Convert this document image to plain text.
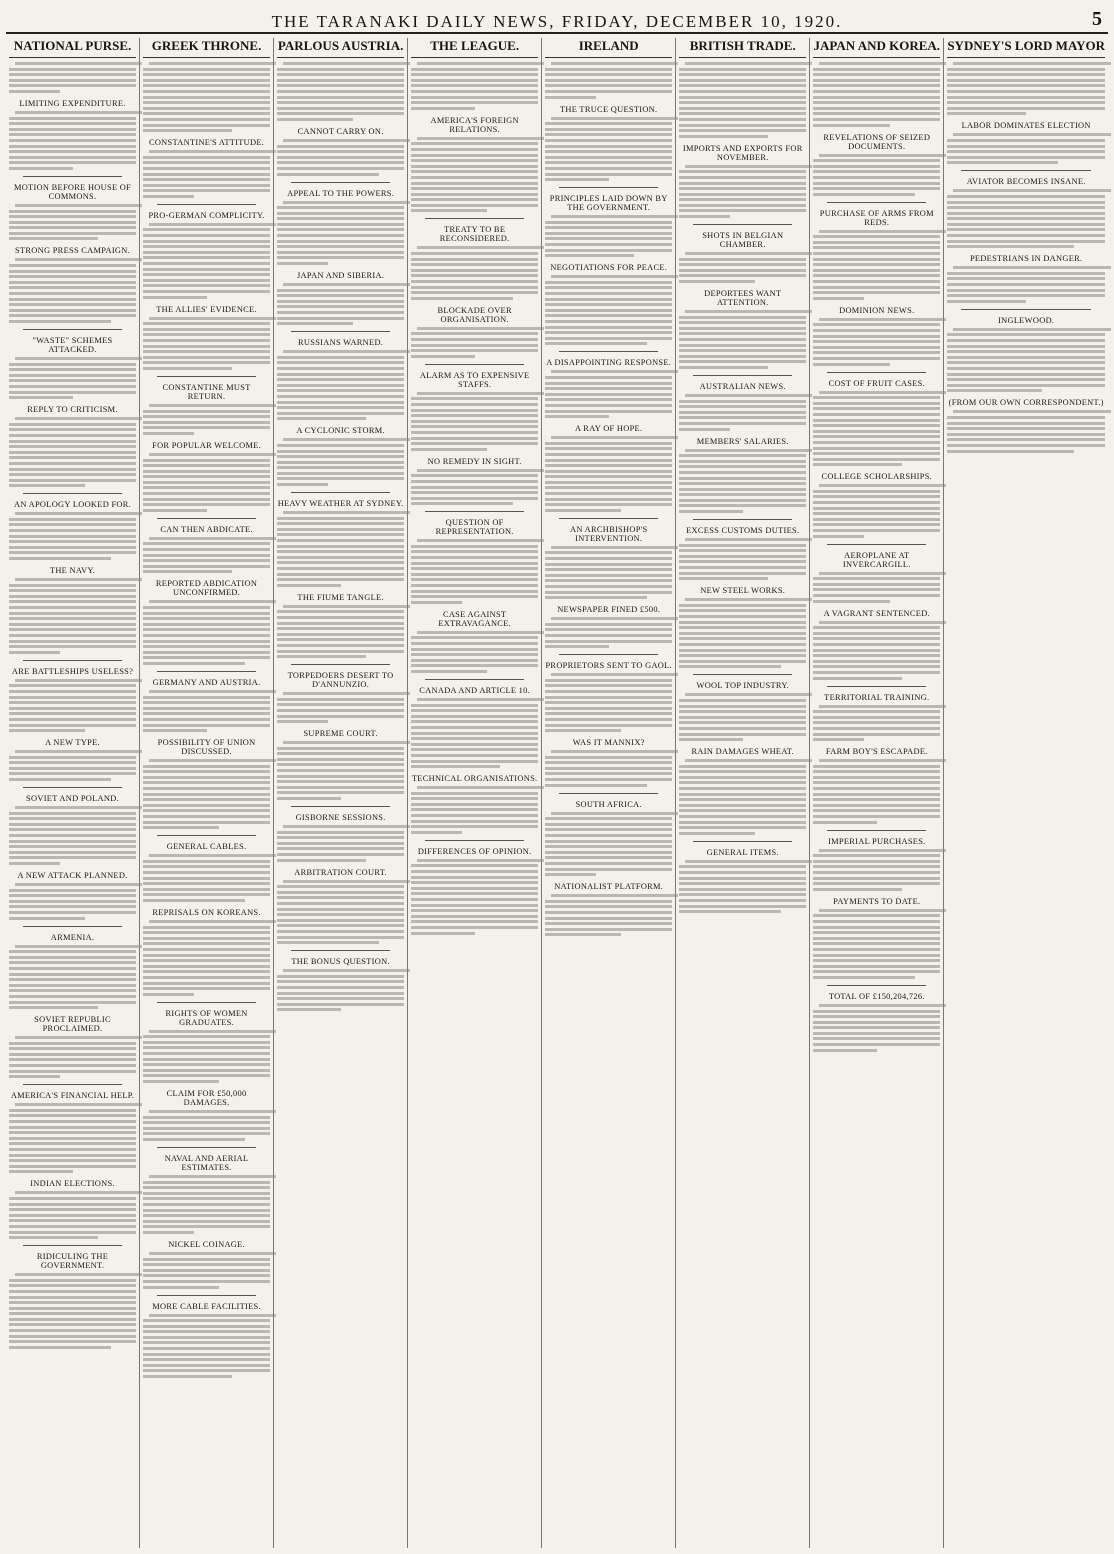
THE TARANAKI DAILY NEWS, FRIDAY, DECEMBER 10, 1920.	5
NATIONAL PURSE.
LIMITING EXPENDITURE.
MOTION BEFORE HOUSE OF COMMONS.
STRONG PRESS CAMPAIGN.
"WASTE" SCHEMES ATTACKED.
REPLY TO CRITICISM.
AN APOLOGY LOOKED FOR.
THE NAVY.
ARE BATTLESHIPS USELESS?
A NEW TYPE.
SOVIET AND POLAND.
A NEW ATTACK PLANNED.
ARMENIA.
SOVIET REPUBLIC PROCLAIMED.
AMERICA'S FINANCIAL HELP.
INDIAN ELECTIONS.
RIDICULING THE GOVERNMENT.
GREEK THRONE.
CONSTANTINE'S ATTITUDE.
PRO-GERMAN COMPLICITY.
THE ALLIES' EVIDENCE.
CONSTANTINE MUST RETURN.
FOR POPULAR WELCOME.
CAN THEN ABDICATE.
REPORTED ABDICATION UNCONFIRMED.
GERMANY AND AUSTRIA.
POSSIBILITY OF UNION DISCUSSED.
GENERAL CABLES.
REPRISALS ON KOREANS.
RIGHTS OF WOMEN GRADUATES.
CLAIM FOR £50,000 DAMAGES.
NAVAL AND AERIAL ESTIMATES.
NICKEL COINAGE.
MORE CABLE FACILITIES.
PARLOUS AUSTRIA.
CANNOT CARRY ON.
APPEAL TO THE POWERS.
JAPAN AND SIBERIA.
RUSSIANS WARNED.
A CYCLONIC STORM.
HEAVY WEATHER AT SYDNEY.
THE FIUME TANGLE.
TORPEDOERS DESERT TO D'ANNUNZIO.
SUPREME COURT.
GISBORNE SESSIONS.
ARBITRATION COURT.
THE BONUS QUESTION.
THE LEAGUE.
AMERICA'S FOREIGN RELATIONS.
TREATY TO BE RECONSIDERED.
BLOCKADE OVER ORGANISATION.
ALARM AS TO EXPENSIVE STAFFS.
NO REMEDY IN SIGHT.
QUESTION OF REPRESENTATION.
CASE AGAINST EXTRAVAGANCE.
CANADA AND ARTICLE 10.
TECHNICAL ORGANISATIONS.
DIFFERENCES OF OPINION.
IRELAND
THE TRUCE QUESTION.
PRINCIPLES LAID DOWN BY THE GOVERNMENT.
NEGOTIATIONS FOR PEACE.
A DISAPPOINTING RESPONSE.
A RAY OF HOPE.
AN ARCHBISHOP'S INTERVENTION.
NEWSPAPER FINED £500.
PROPRIETORS SENT TO GAOL.
WAS IT MANNIX?
SOUTH AFRICA.
NATIONALIST PLATFORM.
BRITISH TRADE.
IMPORTS AND EXPORTS FOR NOVEMBER.
SHOTS IN BELGIAN CHAMBER.
DEPORTEES WANT ATTENTION.
AUSTRALIAN NEWS.
MEMBERS' SALARIES.
EXCESS CUSTOMS DUTIES.
NEW STEEL WORKS.
WOOL TOP INDUSTRY.
RAIN DAMAGES WHEAT.
GENERAL ITEMS.
JAPAN AND KOREA.
REVELATIONS OF SEIZED DOCUMENTS.
PURCHASE OF ARMS FROM REDS.
DOMINION NEWS.
COST OF FRUIT CASES.
COLLEGE SCHOLARSHIPS.
AEROPLANE AT INVERCARGILL.
A VAGRANT SENTENCED.
TERRITORIAL TRAINING.
FARM BOY'S ESCAPADE.
IMPERIAL PURCHASES.
PAYMENTS TO DATE.
TOTAL OF £150,204,726.
SYDNEY'S LORD MAYOR
LABOR DOMINATES ELECTION
AVIATOR BECOMES INSANE.
PEDESTRIANS IN DANGER.
INGLEWOOD.
(FROM OUR OWN CORRESPONDENT.)
